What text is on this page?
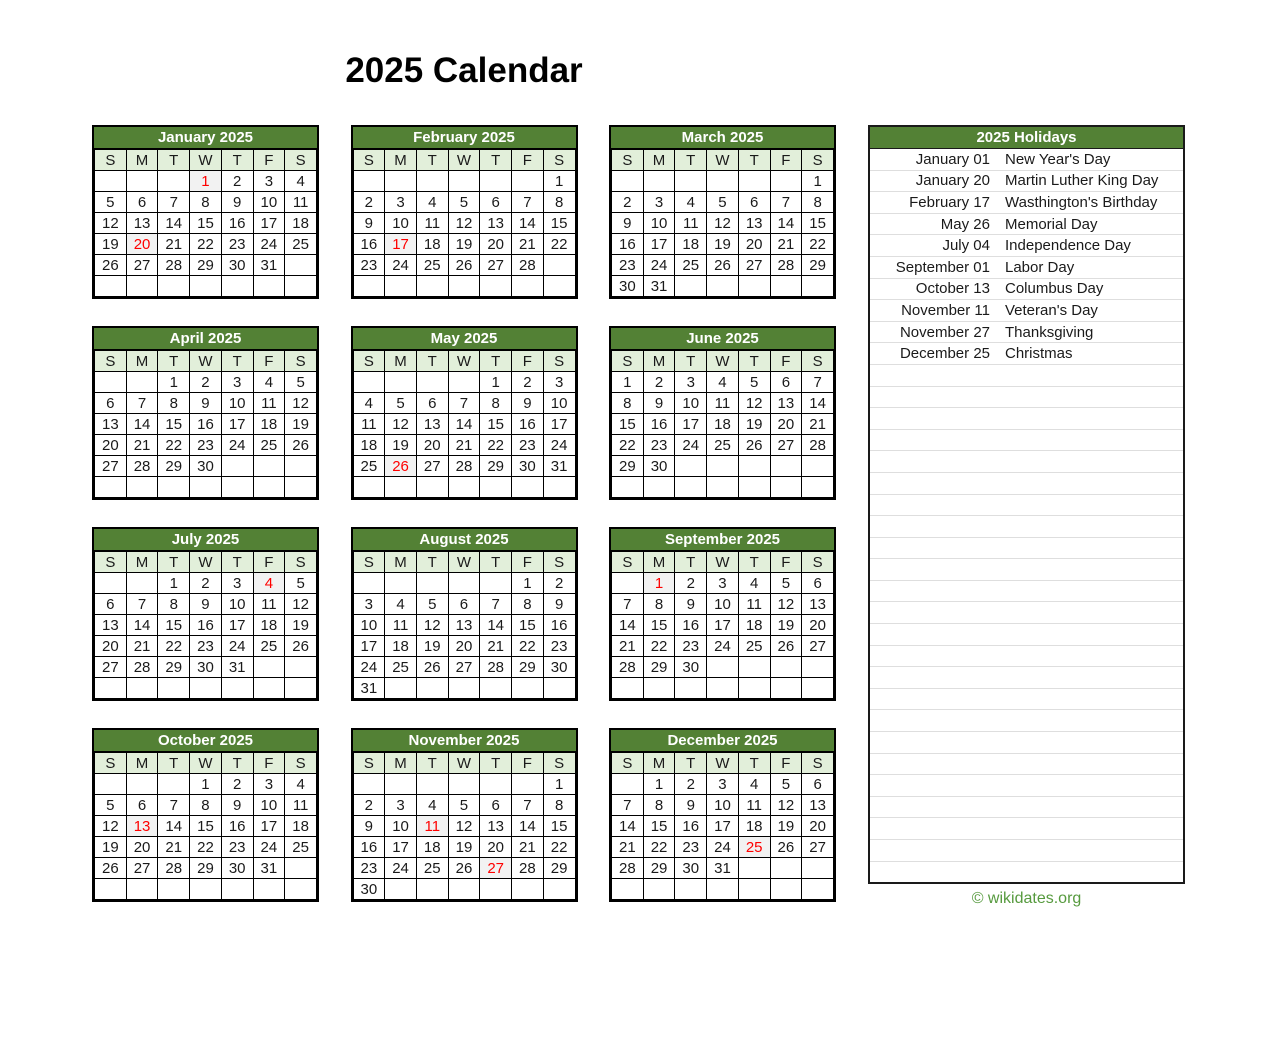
2025 Calendar
January 2025
S	M	T	W	T	F	S
			1	2	3	4
5	6	7	8	9	10	11
12	13	14	15	16	17	18
19	20	21	22	23	24	25
26	27	28	29	30	31	

February 2025
S	M	T	W	T	F	S
						1
2	3	4	5	6	7	8
9	10	11	12	13	14	15
16	17	18	19	20	21	22
23	24	25	26	27	28	

March 2025
S	M	T	W	T	F	S
						1
2	3	4	5	6	7	8
9	10	11	12	13	14	15
16	17	18	19	20	21	22
23	24	25	26	27	28	29
30	31					
April 2025
S	M	T	W	T	F	S
		1	2	3	4	5
6	7	8	9	10	11	12
13	14	15	16	17	18	19
20	21	22	23	24	25	26
27	28	29	30			

May 2025
S	M	T	W	T	F	S
				1	2	3
4	5	6	7	8	9	10
11	12	13	14	15	16	17
18	19	20	21	22	23	24
25	26	27	28	29	30	31

June 2025
S	M	T	W	T	F	S
1	2	3	4	5	6	7
8	9	10	11	12	13	14
15	16	17	18	19	20	21
22	23	24	25	26	27	28
29	30					

July 2025
S	M	T	W	T	F	S
		1	2	3	4	5
6	7	8	9	10	11	12
13	14	15	16	17	18	19
20	21	22	23	24	25	26
27	28	29	30	31		

August 2025
S	M	T	W	T	F	S
					1	2
3	4	5	6	7	8	9
10	11	12	13	14	15	16
17	18	19	20	21	22	23
24	25	26	27	28	29	30
31						
September 2025
S	M	T	W	T	F	S
	1	2	3	4	5	6
7	8	9	10	11	12	13
14	15	16	17	18	19	20
21	22	23	24	25	26	27
28	29	30				

October 2025
S	M	T	W	T	F	S
			1	2	3	4
5	6	7	8	9	10	11
12	13	14	15	16	17	18
19	20	21	22	23	24	25
26	27	28	29	30	31	

November 2025
S	M	T	W	T	F	S
						1
2	3	4	5	6	7	8
9	10	11	12	13	14	15
16	17	18	19	20	21	22
23	24	25	26	27	28	29
30						
December 2025
S	M	T	W	T	F	S
	1	2	3	4	5	6
7	8	9	10	11	12	13
14	15	16	17	18	19	20
21	22	23	24	25	26	27
28	29	30	31			

2025 Holidays
January 01	New Year's Day
January 20	Martin Luther King Day
February 17	Wasthington's Birthday
May 26	Memorial Day
July 04	Independence Day
September 01	Labor Day
October 13	Columbus Day
November 11	Veteran's Day
November 27	Thanksgiving
December 25	Christmas
© wikidates.org
